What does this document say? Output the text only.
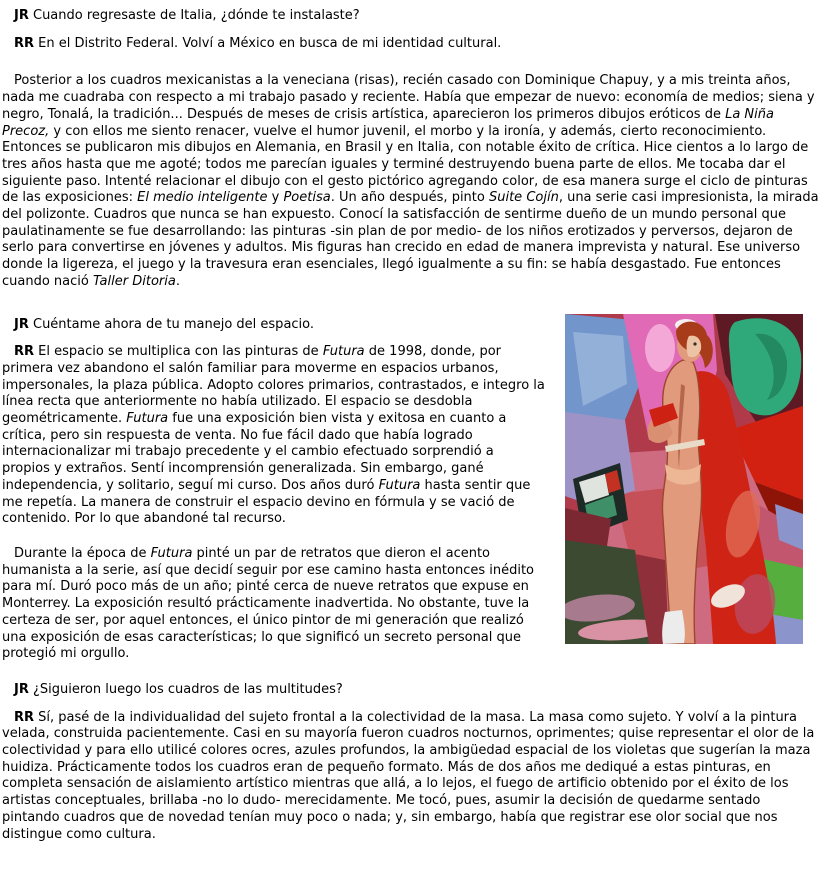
JR Cuando regresaste de Italia, ¿dónde te instalaste?

RR En el Distrito Federal. Volví a México en busca de mi identidad cultural.

Posterior a los cuadros mexicanistas a la veneciana (risas), recién casado con Dominique Chapuy, y a mis treinta años, nada me cuadraba con respecto a mi trabajo pasado y reciente. Había que empezar de nuevo: economía de medios; siena y negro, Tonalá, la tradición... Después de meses de crisis artística, aparecieron los primeros dibujos eróticos de La Niña Precoz, y con ellos me siento renacer, vuelve el humor juvenil, el morbo y la ironía, y además, cierto reconocimiento. Entonces se publicaron mis dibujos en Alemania, en Brasil y en Italia, con notable éxito de crítica. Hice cientos a lo largo de tres años hasta que me agoté; todos me parecían iguales y terminé destruyendo buena parte de ellos. Me tocaba dar el siguiente paso. Intenté relacionar el dibujo con el gesto pictórico agregando color, de esa manera surge el ciclo de pinturas de las exposiciones: El medio inteligente y Poetisa. Un año después, pinto Suite Cojín, una serie casi impresionista, la mirada del polizonte. Cuadros que nunca se han expuesto. Conocí la satisfacción de sentirme dueño de un mundo personal que paulatinamente se fue desarrollando: las pinturas -sin plan de por medio- de los niños erotizados y perversos, dejaron de serlo para convertirse en jóvenes y adultos. Mis figuras han crecido en edad de manera imprevista y natural. Ese universo donde la ligereza, el juego y la travesura eran esenciales, llegó igualmente a su fin: se había desgastado. Fue entonces cuando nació Taller Ditoria.

JR Cuéntame ahora de tu manejo del espacio.

RR El espacio se multiplica con las pinturas de Futura de 1998, donde, por primera vez abandono el salón familiar para moverme en espacios urbanos, impersonales, la plaza pública. Adopto colores primarios, contrastados, e integro la línea recta que anteriormente no había utilizado. El espacio se desdobla geométricamente. Futura fue una exposición bien vista y exitosa en cuanto a crítica, pero sin respuesta de venta. No fue fácil dado que había logrado internacionalizar mi trabajo precedente y el cambio efectuado sorprendió a propios y extraños. Sentí incomprensión generalizada. Sin embargo, gané independencia, y solitario, seguí mi curso. Dos años duró Futura hasta sentir que me repetía. La manera de construir el espacio devino en fórmula y se vació de contenido. Por lo que abandoné tal recurso.

Durante la época de Futura pinté un par de retratos que dieron el acento humanista a la serie, así que decidí seguir por ese camino hasta entonces inédito para mí. Duró poco más de un año; pinté cerca de nueve retratos que expuse en Monterrey. La exposición resultó prácticamente inadvertida. No obstante, tuve la certeza de ser, por aquel entonces, el único pintor de mi generación que realizó una exposición de esas características; lo que significó un secreto personal que protegió mi orgullo.

JR ¿Siguieron luego los cuadros de las multitudes?

RR Sí, pasé de la individualidad del sujeto frontal a la colectividad de la masa. La masa como sujeto. Y volví a la pintura velada, construida pacientemente. Casi en su mayoría fueron cuadros nocturnos, oprimentes; quise representar el olor de la colectividad y para ello utilicé colores ocres, azules profundos, la ambigüedad espacial de los violetas que sugerían la maza huidiza. Prácticamente todos los cuadros eran de pequeño formato. Más de dos años me dediqué a estas pinturas, en completa sensación de aislamiento artístico mientras que allá, a lo lejos, el fuego de artificio obtenido por el éxito de los artistas conceptuales, brillaba -no lo dudo- merecidamente. Me tocó, pues, asumir la decisión de quedarme sentado pintando cuadros que de novedad tenían muy poco o nada; y, sin embargo, había que registrar ese olor social que nos distingue como cultura.
